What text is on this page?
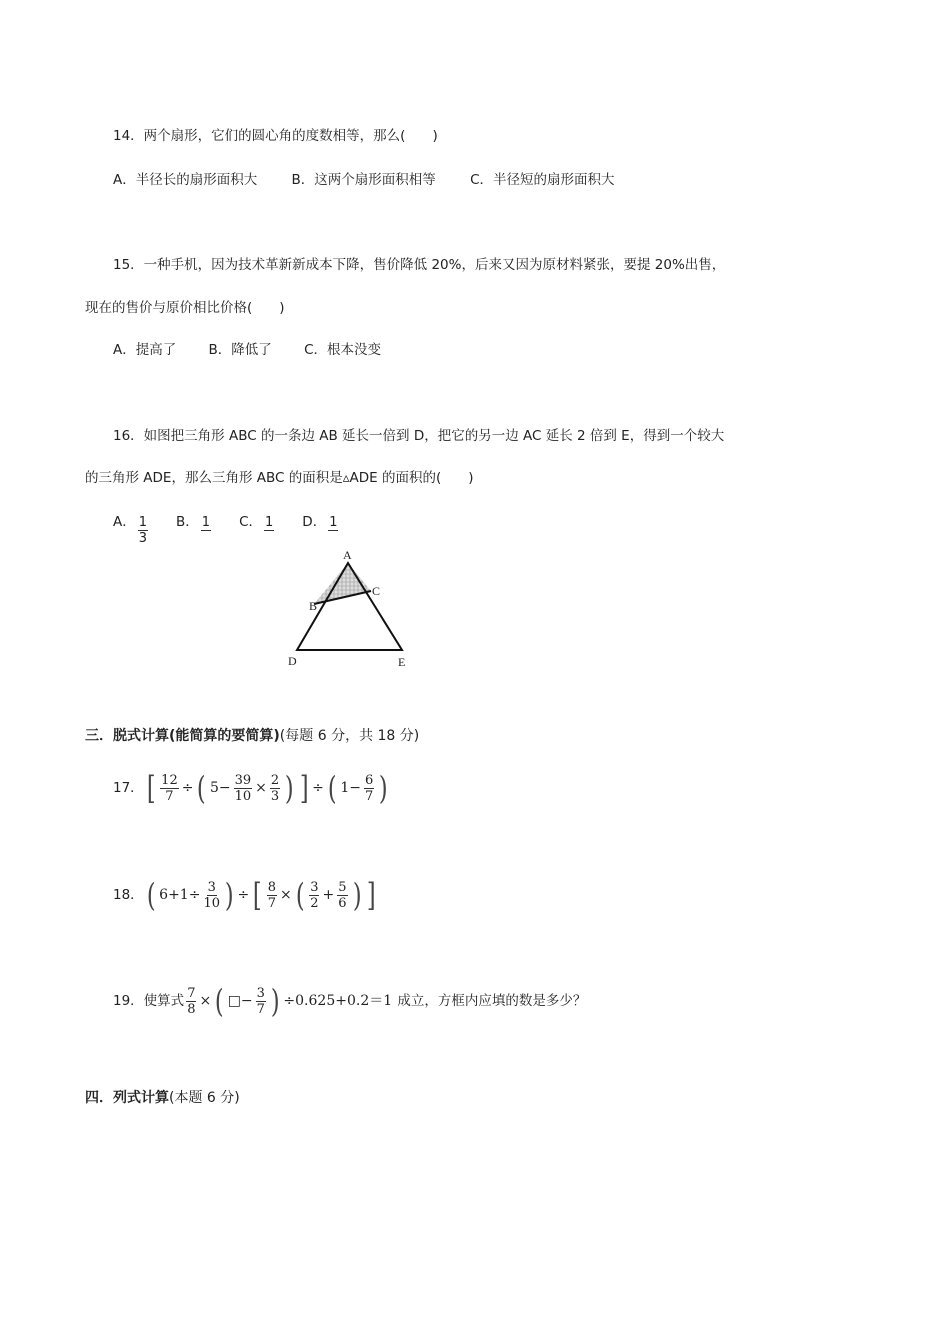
14．两个扇形，它们的圆心角的度数相等，那么(　　)
A．半径长的扇形面积大	B．这两个扇形面积相等	C．半径短的扇形面积大
15．一种手机，因为技术革新新成本下降，售价降低 20%，后来又因为原材料紧张，要提 20%出售，
现在的售价与原价相比价格(　　)
A．提高了 B．降低了 C．根本没变
16．如图把三角形 ABC 的一条边 AB 延长一倍到 D，把它的另一边 AC 延长 2 倍到 E，得到一个较大
的三角形 ADE，那么三角形 ABC 的面积是▵ADE 的面积的(　　)
A． $\frac{1}{3}$ B． 1 C． 1 D． 1
A
B
C
D	E
三．脱式计算(能简算的要简算)(每题 6 分，共 18 分)
17． [ $\frac{12}{7}$ ÷ ( $5- \frac{39}{10} \times \frac{2}{3}$ ) ] ÷ ( $1- \frac{6}{7}$ )
18． ( $6+1\div \frac{3}{10}$ ) ÷ [ $\frac{8}{7}$ × ( $\frac{3}{2} + \frac{5}{6}$ ) ]
19．使算式 $\frac{7}{8}$ × ( □− $\frac{3}{7}$ ) ÷0.625+0.2＝1 成立，方框内应填的数是多少？
四．列式计算(本题 6 分)
